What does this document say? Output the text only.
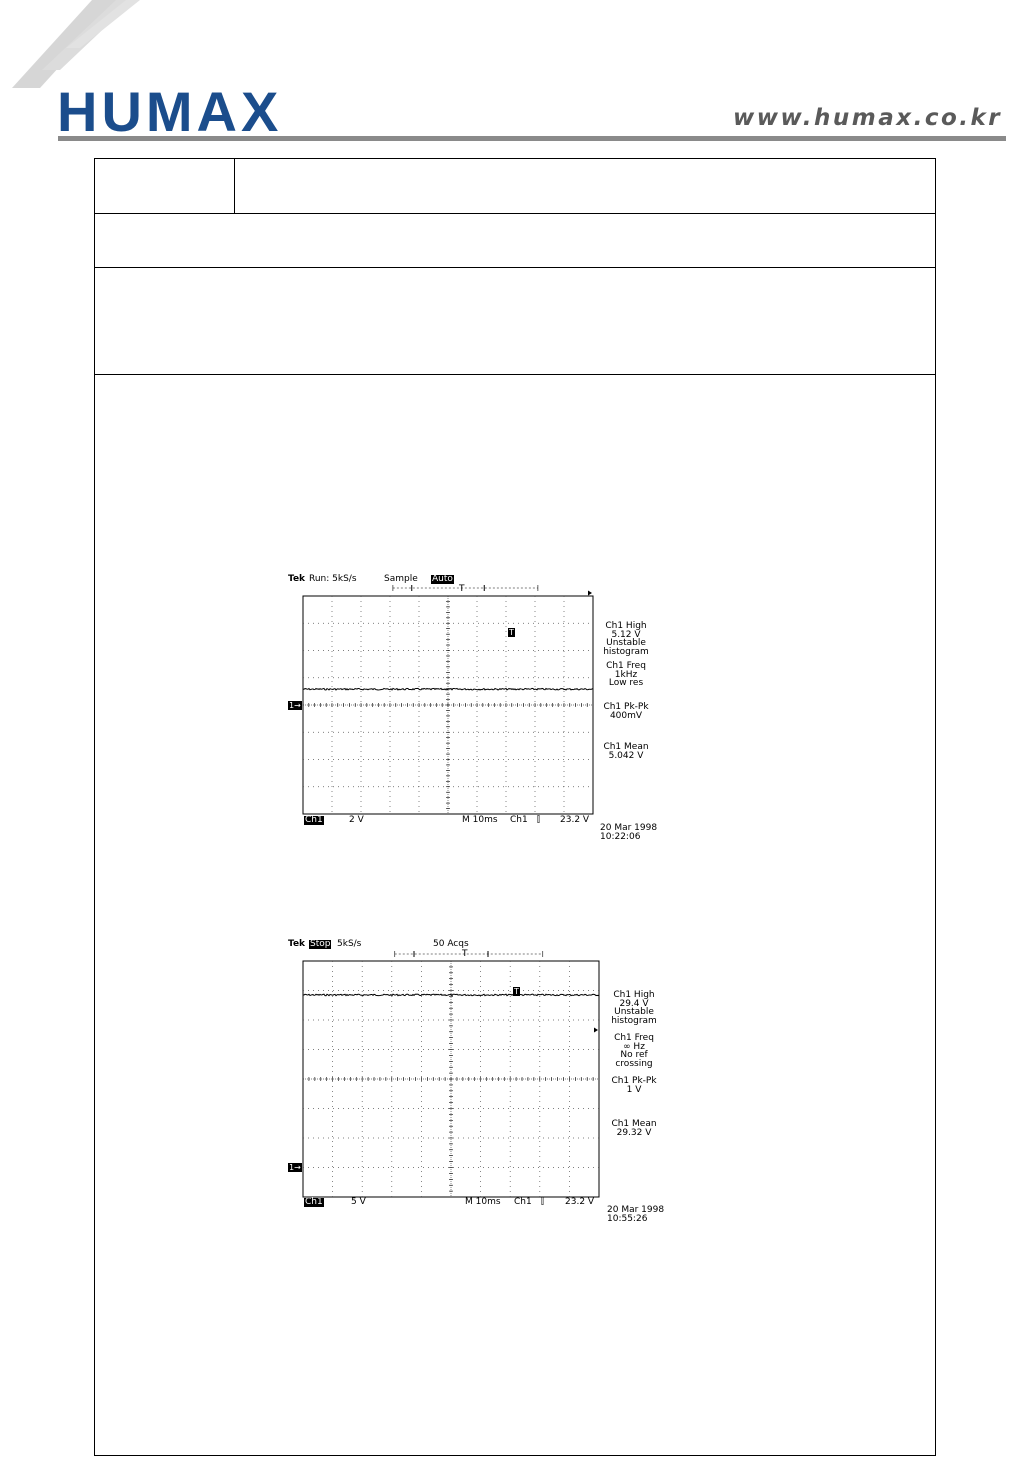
HUMAX	www.humax.co.kr
Tek Run: 5kS/s	Sample Auto
T
T
1→
Ch1 High
5.12 V
Unstable
histogram
Ch1 Freq
1kHz
Low res
Ch1 Pk-Pk
400mV
Ch1 Mean
5.042 V
Ch1	2 V	M 10ms Ch1 ⫿ 23.2 V
20 Mar 1998
10:22:06
Tek Stop 5kS/s	50 Acqs
T
T
1→
Ch1 High
29.4 V
Unstable
histogram
Ch1 Freq
∞ Hz
No ref
crossing
Ch1 Pk-Pk
1 V
Ch1 Mean
29.32 V
Ch1	5 V	M 10ms Ch1 ⫿ 23.2 V
20 Mar 1998
10:55:26
